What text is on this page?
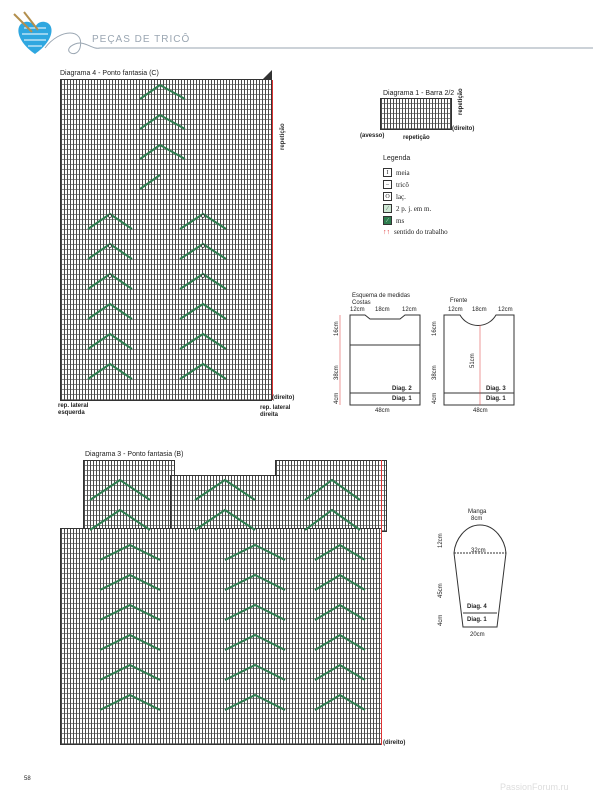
PEÇAS DE TRICÔ
Diagrama 4 - Ponto fantasia (C)
repetição
rep. lateral
esquerda
(direito)
rep. lateral
direita
Diagrama 1 - Barra 2/2 repetição
(avesso)
(direito)
repetição
Legenda
I	meia
–	tricô
O laç.
⁄	2 p. j. em m.
⁄	ms
↑↑ sentido do trabalho
Esquema de medidas
Costas
12cm 18cm 12cm
16cm
38cm
4cm
Diag. 2
Diag. 1
48cm
Frente
12cm 18cm 12cm
16cm
38cm
4cm
51cm
Diag. 3
Diag. 1
48cm
Diagrama 3 - Ponto fantasia (B)
(direito)
Manga
8cm
12cm
32cm
45cm
Diag. 4
Diag. 1
4cm
20cm
58
PassionForum.ru
